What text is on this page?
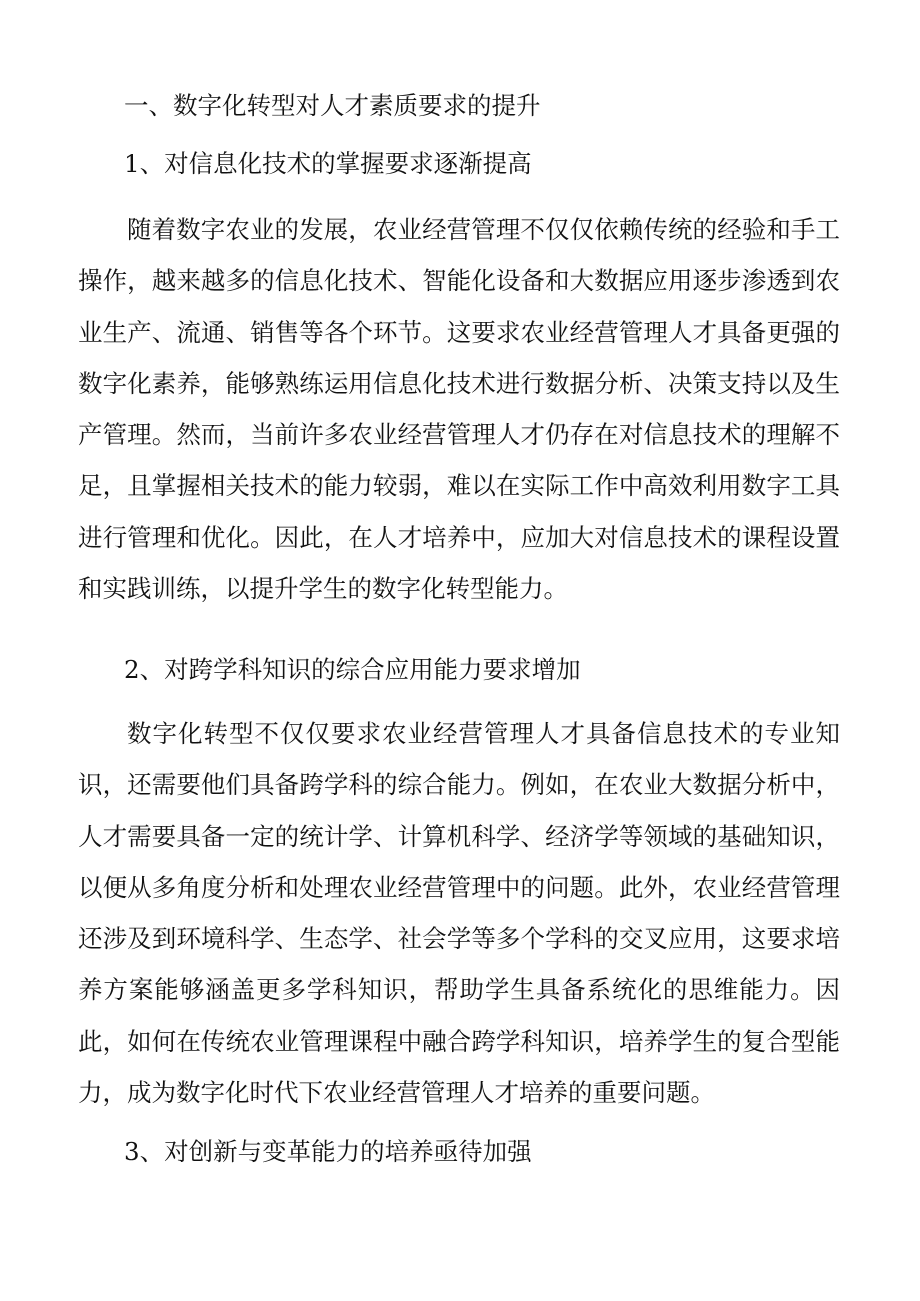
一、数字化转型对人才素质要求的提升
1、对信息化技术的掌握要求逐渐提高

随着数字农业的发展，农业经营管理不仅仅依赖传统的经验和手工操作，越来越多的信息化技术、智能化设备和大数据应用逐步渗透到农业生产、流通、销售等各个环节。这要求农业经营管理人才具备更强的数字化素养，能够熟练运用信息化技术进行数据分析、决策支持以及生产管理。然而，当前许多农业经营管理人才仍存在对信息技术的理解不足，且掌握相关技术的能力较弱，难以在实际工作中高效利用数字工具进行管理和优化。因此，在人才培养中，应加大对信息技术的课程设置和实践训练，以提升学生的数字化转型能力。

2、对跨学科知识的综合应用能力要求增加

数字化转型不仅仅要求农业经营管理人才具备信息技术的专业知识，还需要他们具备跨学科的综合能力。例如，在农业大数据分析中，人才需要具备一定的统计学、计算机科学、经济学等领域的基础知识，以便从多角度分析和处理农业经营管理中的问题。此外，农业经营管理还涉及到环境科学、生态学、社会学等多个学科的交叉应用，这要求培养方案能够涵盖更多学科知识，帮助学生具备系统化的思维能力。因此，如何在传统农业管理课程中融合跨学科知识，培养学生的复合型能力，成为数字化时代下农业经营管理人才培养的重要问题。

3、对创新与变革能力的培养亟待加强
